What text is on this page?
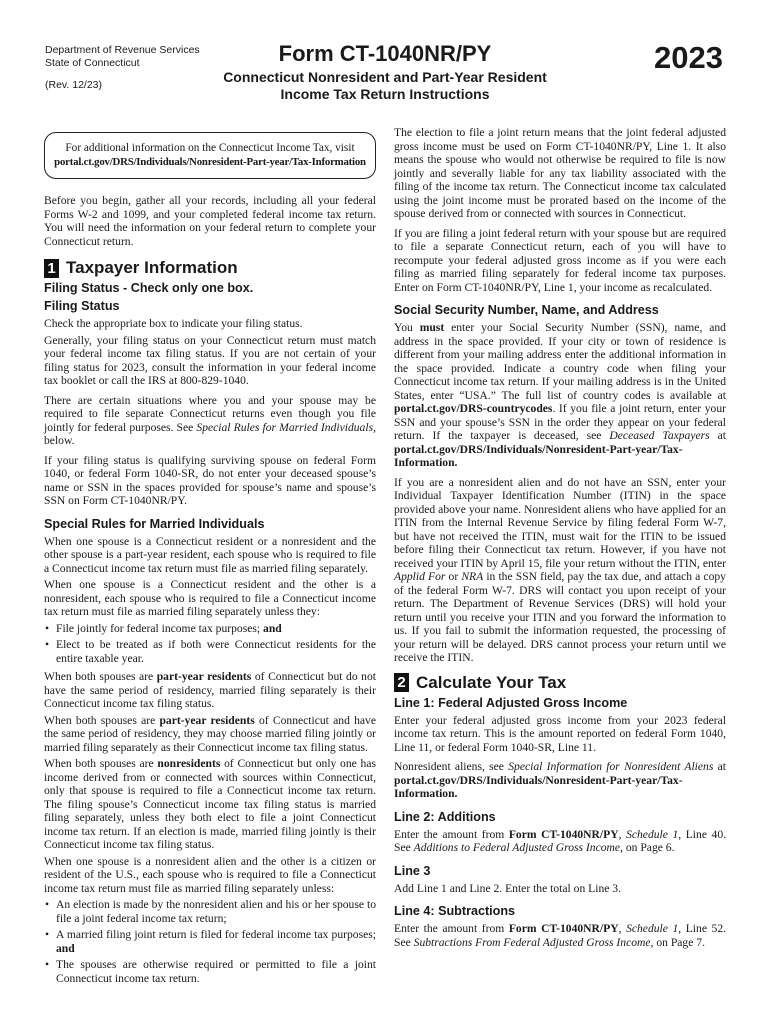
Department of Revenue Services
State of Connecticut
(Rev. 12/23)
Form CT-1040NR/PY
Connecticut Nonresident and Part-Year Resident
Income Tax Return Instructions
2023
For additional information on the Connecticut Income Tax, visit
portal.ct.gov/DRS/Individuals/Nonresident-Part-year/Tax-Information

Before you begin, gather all your records, including all your federal Forms W-2 and 1099, and your completed federal income tax return. You will need the information on your federal return to complete your Connecticut return.

1 Taxpayer Information
Filing Status - Check only one box.
Filing Status

Check the appropriate box to indicate your filing status.

Generally, your filing status on your Connecticut return must match your federal income tax filing status. If you are not certain of your filing status for 2023, consult the information in your federal income tax booklet or call the IRS at 800-829-1040.

There are certain situations where you and your spouse may be required to file separate Connecticut returns even though you file jointly for federal purposes. See Special Rules for Married Individuals, below.

If your filing status is qualifying surviving spouse on federal Form 1040, or federal Form 1040-SR, do not enter your deceased spouse’s name or SSN in the spaces provided for spouse’s name and spouse’s SSN on Form CT-1040NR/PY.

Special Rules for Married Individuals

When one spouse is a Connecticut resident or a nonresident and the other spouse is a part-year resident, each spouse who is required to file a Connecticut income tax return must file as married filing separately.

When one spouse is a Connecticut resident and the other is a nonresident, each spouse who is required to file a Connecticut income tax return must file as married filing separately unless they:

• File jointly for federal income tax purposes; and
• Elect to be treated as if both were Connecticut residents for the entire taxable year.

When both spouses are part-year residents of Connecticut but do not have the same period of residency, married filing separately is their Connecticut income tax filing status.

When both spouses are part-year residents of Connecticut and have the same period of residency, they may choose married filing jointly or married filing separately as their Connecticut income tax filing status.

When both spouses are nonresidents of Connecticut but only one has income derived from or connected with sources within Connecticut, only that spouse is required to file a Connecticut income tax return. The filing spouse’s Connecticut income tax filing status is married filing separately, unless they both elect to file a joint Connecticut income tax return. If an election is made, married filing jointly is their Connecticut income tax filing status.

When one spouse is a nonresident alien and the other is a citizen or resident of the U.S., each spouse who is required to file a Connecticut income tax return must file as married filing separately unless:

• An election is made by the nonresident alien and his or her spouse to file a joint federal income tax return;
• A married filing joint return is filed for federal income tax purposes; and
• The spouses are otherwise required or permitted to file a joint Connecticut income tax return.

The election to file a joint return means that the joint federal adjusted gross income must be used on Form CT-1040NR/PY, Line 1. It also means the spouse who would not otherwise be required to file is now jointly and severally liable for any tax liability associated with the filing of the income tax return. The Connecticut income tax calculated using the joint income must be prorated based on the income of the spouse derived from or connected with sources in Connecticut.

If you are filing a joint federal return with your spouse but are required to file a separate Connecticut return, each of you will have to recompute your federal adjusted gross income as if you were each filing as married filing separately for federal income tax purposes. Enter on Form CT-1040NR/PY, Line 1, your income as recalculated.

Social Security Number, Name, and Address

You must enter your Social Security Number (SSN), name, and address in the space provided. If your city or town of residence is different from your mailing address enter the additional information in the space provided. Indicate a country code when filing your Connecticut income tax return. If your mailing address is in the United States, enter “USA.” The full list of country codes is available at portal.ct.gov/DRS-countrycodes. If you file a joint return, enter your SSN and your spouse’s SSN in the order they appear on your federal return. If the taxpayer is deceased, see Deceased Taxpayers at portal.ct.gov/DRS/Individuals/Nonresident-Part-year/Tax-Information.

If you are a nonresident alien and do not have an SSN, enter your Individual Taxpayer Identification Number (ITIN) in the space provided above your name. Nonresident aliens who have applied for an ITIN from the Internal Revenue Service by filing federal Form W-7, but have not received the ITIN, must wait for the ITIN to be issued before filing their Connecticut tax return. However, if you have not received your ITIN by April 15, file your return without the ITIN, enter Applid For or NRA in the SSN field, pay the tax due, and attach a copy of the federal Form W-7. DRS will contact you upon receipt of your return. The Department of Revenue Services (DRS) will hold your return until you receive your ITIN and you forward the information to us. If you fail to submit the information requested, the processing of your return will be delayed. DRS cannot process your return until we receive the ITIN.

2 Calculate Your Tax
Line 1: Federal Adjusted Gross Income

Enter your federal adjusted gross income from your 2023 federal income tax return. This is the amount reported on federal Form 1040, Line 11, or federal Form 1040-SR, Line 11.

Nonresident aliens, see Special Information for Nonresident Aliens at portal.ct.gov/DRS/Individuals/Nonresident-Part-year/Tax-Information.

Line 2: Additions

Enter the amount from Form CT-1040NR/PY, Schedule 1, Line 40. See Additions to Federal Adjusted Gross Income, on Page 6.

Line 3

Add Line 1 and Line 2. Enter the total on Line 3.

Line 4: Subtractions

Enter the amount from Form CT-1040NR/PY, Schedule 1, Line 52. See Subtractions From Federal Adjusted Gross Income, on Page 7.
